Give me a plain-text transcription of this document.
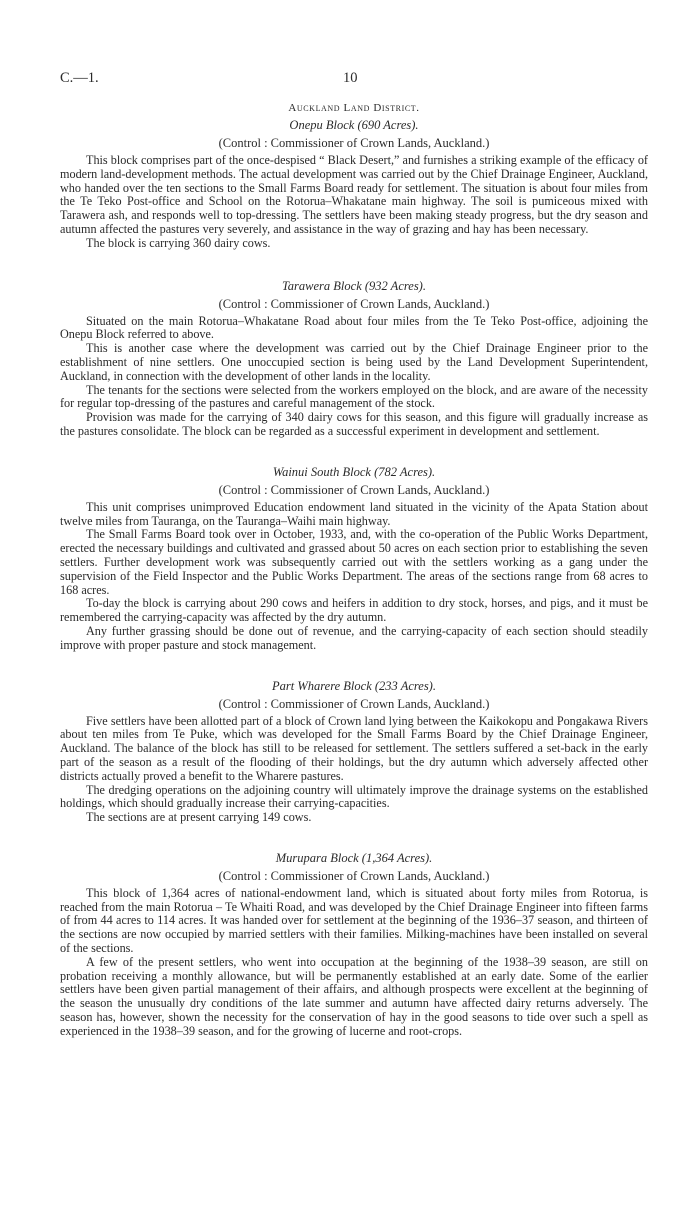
C.—1.	10
Auckland Land District.
Onepu Block (690 Acres).
(Control : Commissioner of Crown Lands, Auckland.)

This block comprises part of the once-despised “ Black Desert,” and furnishes a striking example of the efficacy of modern land-development methods. The actual development was carried out by the Chief Drainage Engineer, Auckland, who handed over the ten sections to the Small Farms Board ready for settlement. The situation is about four miles from the Te Teko Post-office and School on the Rotorua–Whakatane main highway. The soil is pumiceous mixed with Tarawera ash, and responds well to top-dressing. The settlers have been making steady progress, but the dry season and autumn affected the pastures very severely, and assistance in the way of grazing and hay has been necessary.

The block is carrying 360 dairy cows.

Tarawera Block (932 Acres).
(Control : Commissioner of Crown Lands, Auckland.)

Situated on the main Rotorua–Whakatane Road about four miles from the Te Teko Post-office, adjoining the Onepu Block referred to above.

This is another case where the development was carried out by the Chief Drainage Engineer prior to the establishment of nine settlers. One unoccupied section is being used by the Land Development Superintendent, Auckland, in connection with the development of other lands in the locality.

The tenants for the sections were selected from the workers employed on the block, and are aware of the necessity for regular top-dressing of the pastures and careful management of the stock.

Provision was made for the carrying of 340 dairy cows for this season, and this figure will gradually increase as the pastures consolidate. The block can be regarded as a successful experiment in development and settlement.

Wainui South Block (782 Acres).
(Control : Commissioner of Crown Lands, Auckland.)

This unit comprises unimproved Education endowment land situated in the vicinity of the Apata Station about twelve miles from Tauranga, on the Tauranga–Waihi main highway.

The Small Farms Board took over in October, 1933, and, with the co-operation of the Public Works Department, erected the necessary buildings and cultivated and grassed about 50 acres on each section prior to establishing the seven settlers. Further development work was subsequently carried out with the settlers working as a gang under the supervision of the Field Inspector and the Public Works Department. The areas of the sections range from 68 acres to 168 acres.

To-day the block is carrying about 290 cows and heifers in addition to dry stock, horses, and pigs, and it must be remembered the carrying-capacity was affected by the dry autumn.

Any further grassing should be done out of revenue, and the carrying-capacity of each section should steadily improve with proper pasture and stock management.

Part Wharere Block (233 Acres).
(Control : Commissioner of Crown Lands, Auckland.)

Five settlers have been allotted part of a block of Crown land lying between the Kaikokopu and Pongakawa Rivers about ten miles from Te Puke, which was developed for the Small Farms Board by the Chief Drainage Engineer, Auckland. The balance of the block has still to be released for settlement. The settlers suffered a set-back in the early part of the season as a result of the flooding of their holdings, but the dry autumn which adversely affected other districts actually proved a benefit to the Wharere pastures.

The dredging operations on the adjoining country will ultimately improve the drainage systems on the established holdings, which should gradually increase their carrying-capacities.

The sections are at present carrying 149 cows.

Murupara Block (1,364 Acres).
(Control : Commissioner of Crown Lands, Auckland.)

This block of 1,364 acres of national-endowment land, which is situated about forty miles from Rotorua, is reached from the main Rotorua – Te Whaiti Road, and was developed by the Chief Drainage Engineer into fifteen farms of from 44 acres to 114 acres. It was handed over for settlement at the beginning of the 1936–37 season, and thirteen of the sections are now occupied by married settlers with their families. Milking-machines have been installed on several of the sections.

A few of the present settlers, who went into occupation at the beginning of the 1938–39 season, are still on probation receiving a monthly allowance, but will be permanently established at an early date. Some of the earlier settlers have been given partial management of their affairs, and although prospects were excellent at the beginning of the season the unusually dry conditions of the late summer and autumn have affected dairy returns adversely. The season has, however, shown the necessity for the conservation of hay in the good seasons to tide over such a spell as experienced in the 1938–39 season, and for the growing of lucerne and root-crops.
